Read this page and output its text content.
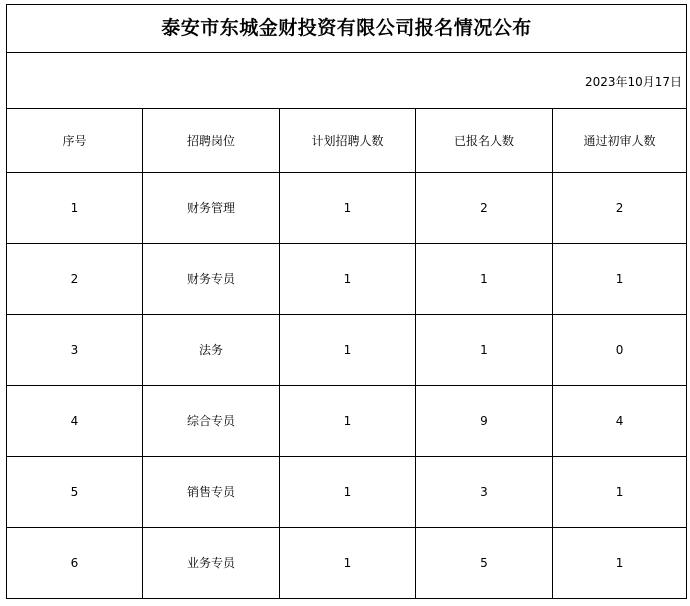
泰安市东城金财投资有限公司报名情况公布				
2023年10月17日				
序号	招聘岗位	计划招聘人数	已报名人数	通过初审人数
1	财务管理	1	2	2
2	财务专员	1	1	1
3	法务	1	1	0
4	综合专员	1	9	4
5	销售专员	1	3	1
6	业务专员	1	5	1
